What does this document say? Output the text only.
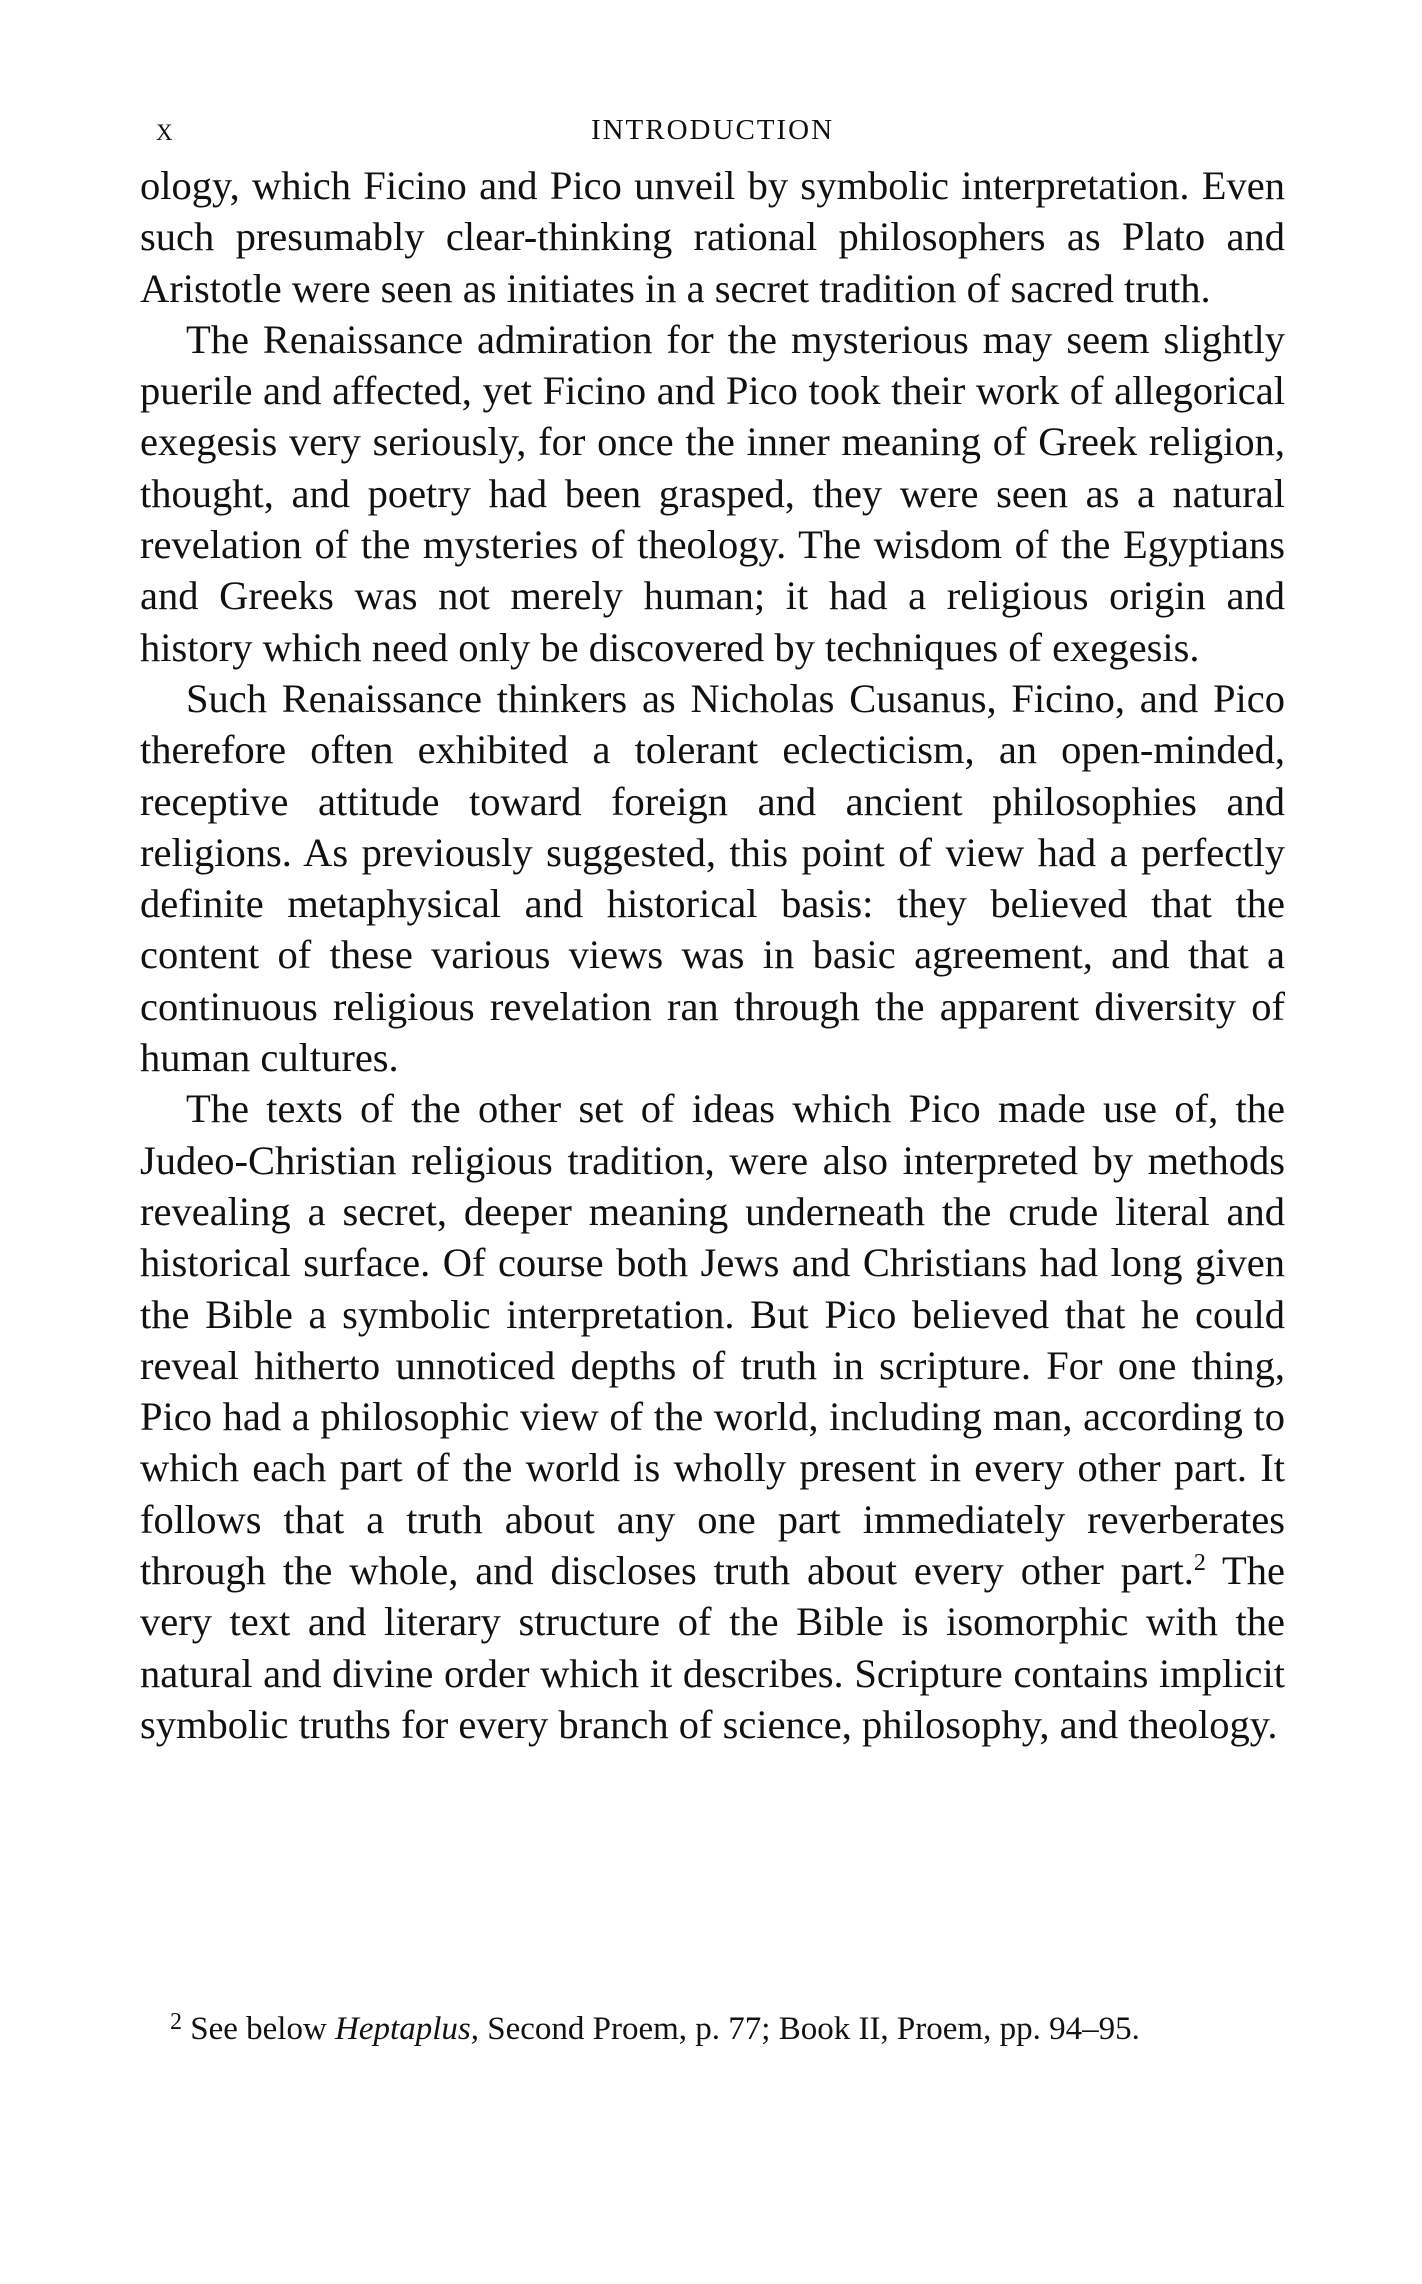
x	INTRODUCTION

ology, which Ficino and Pico unveil by symbolic interpretation. Even such presumably clear-thinking rational philosophers as Plato and Aristotle were seen as initiates in a secret tradition of sacred truth.

The Renaissance admiration for the mysterious may seem slightly puerile and affected, yet Ficino and Pico took their work of allegorical exegesis very seriously, for once the inner meaning of Greek religion, thought, and poetry had been grasped, they were seen as a natural revelation of the mysteries of theology. The wisdom of the Egyptians and Greeks was not merely human; it had a religious origin and history which need only be discovered by techniques of exegesis.

Such Renaissance thinkers as Nicholas Cusanus, Ficino, and Pico therefore often exhibited a tolerant eclecticism, an open-minded, receptive attitude toward foreign and ancient philosophies and religions. As previously suggested, this point of view had a perfectly definite metaphysical and historical basis: they believed that the content of these various views was in basic agreement, and that a continuous religious revelation ran through the apparent diversity of human cultures.

The texts of the other set of ideas which Pico made use of, the Judeo-Christian religious tradition, were also interpreted by methods revealing a secret, deeper meaning underneath the crude literal and historical surface. Of course both Jews and Christians had long given the Bible a symbolic interpretation. But Pico believed that he could reveal hitherto unnoticed depths of truth in scripture. For one thing, Pico had a philosophic view of the world, including man, according to which each part of the world is wholly present in every other part. It follows that a truth about any one part immediately reverberates through the whole, and discloses truth about every other part.$^2$ The very text and literary structure of the Bible is isomorphic with the natural and divine order which it describes. Scripture contains implicit symbolic truths for every branch of science, philosophy, and theology.

$^2$ See below Heptaplus, Second Proem, p. 77; Book II, Proem, pp. 94–95.
